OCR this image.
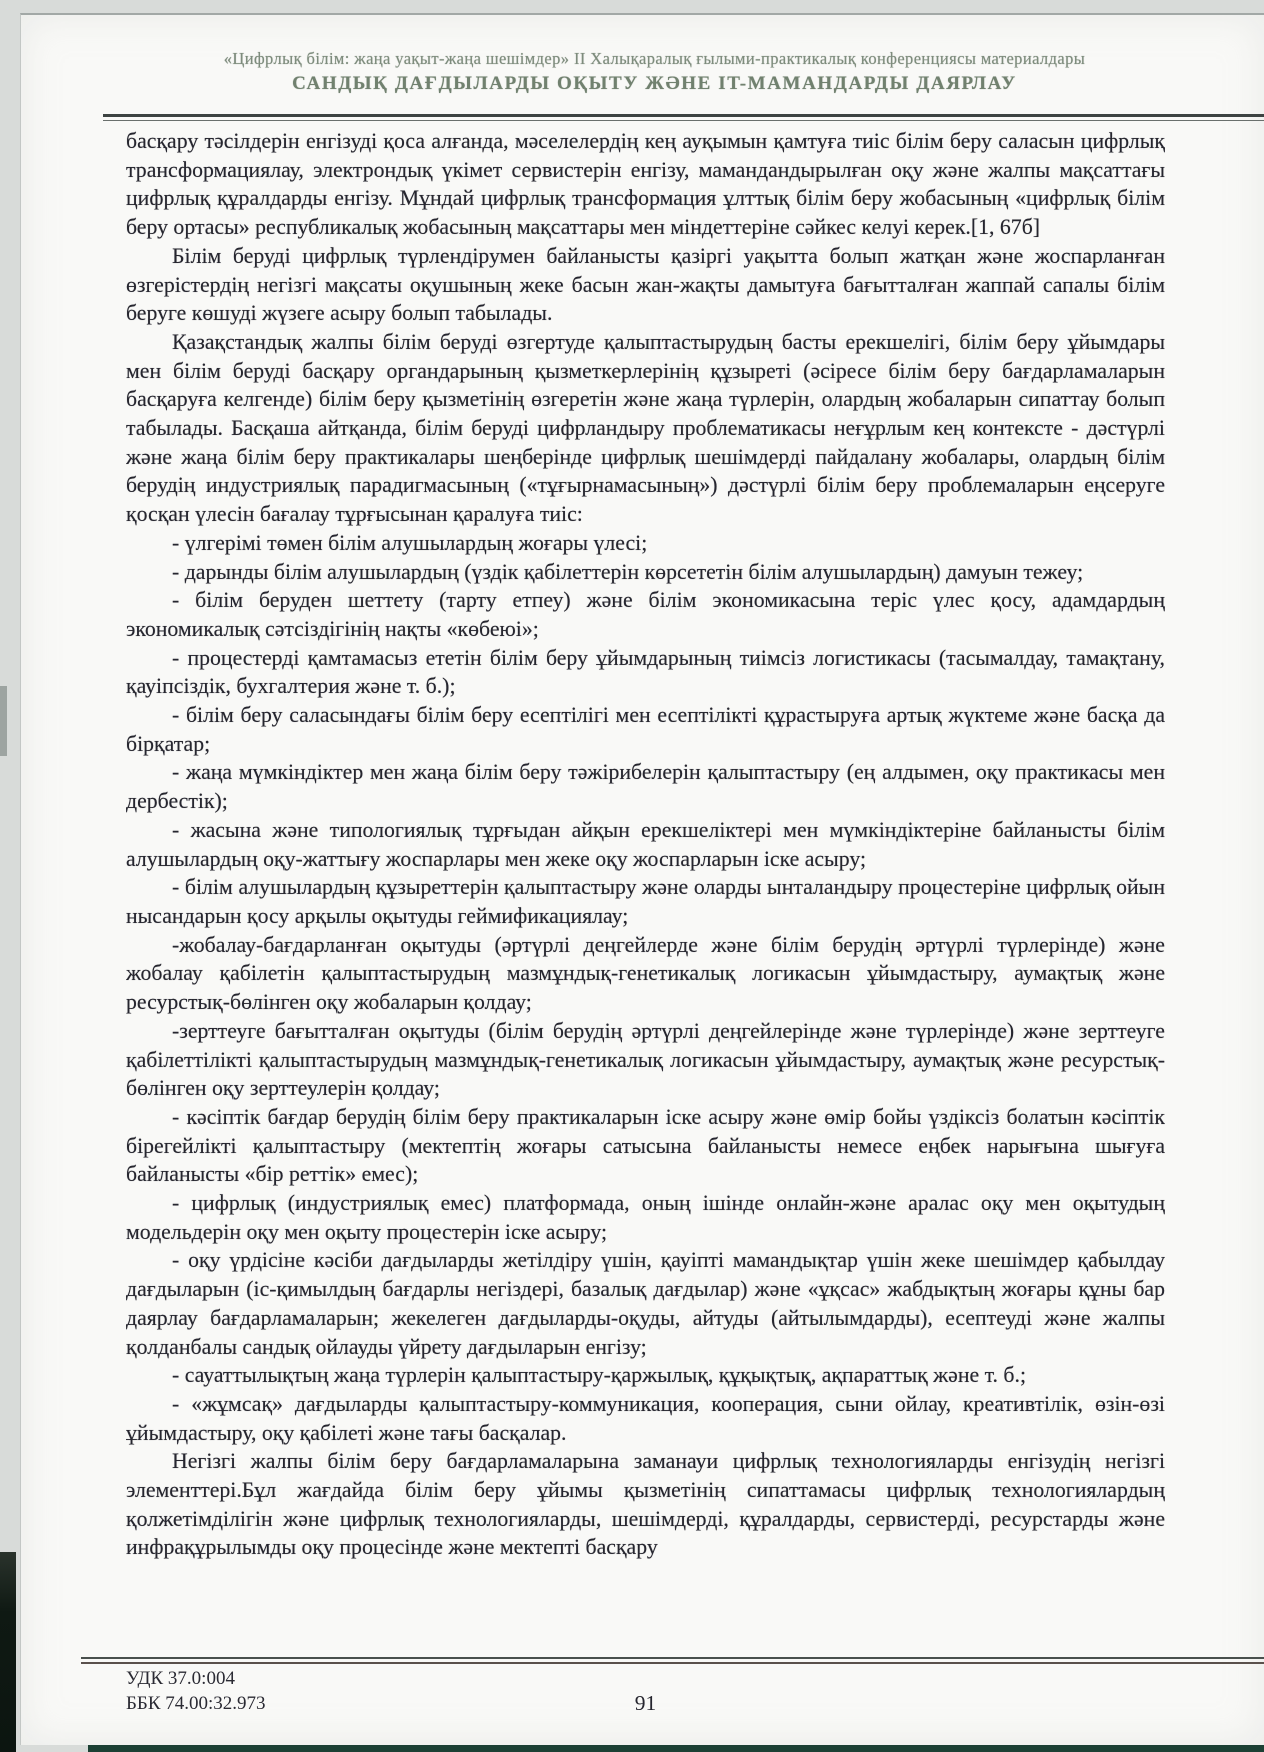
«Цифрлық білім: жаңа уақыт-жаңа шешімдер» II Халықаралық ғылыми-практикалық конференциясы материалдары
САНДЫҚ ДАҒДЫЛАРДЫ ОҚЫТУ ЖӘНЕ IT-МАМАНДАРДЫ ДАЯРЛАУ

басқару тәсілдерін енгізуді қоса алғанда, мәселелердің кең ауқымын қамтуға тиіс білім беру саласын цифрлық трансформациялау, электрондық үкімет сервистерін енгізу, мамандандырылған оқу және жалпы мақсаттағы цифрлық құралдарды енгізу. Мұндай цифрлық трансформация ұлттық білім беру жобасының «цифрлық білім беру ортасы» республикалық жобасының мақсаттары мен міндеттеріне сәйкес келуі керек.[1, 67б]

Білім беруді цифрлық түрлендірумен байланысты қазіргі уақытта болып жатқан және жоспарланған өзгерістердің негізгі мақсаты оқушының жеке басын жан-жақты дамытуға бағытталған жаппай сапалы білім беруге көшуді жүзеге асыру болып табылады.

Қазақстандық жалпы білім беруді өзгертуде қалыптастырудың басты ерекшелігі, білім беру ұйымдары мен білім беруді басқару органдарының қызметкерлерінің құзыреті (әсіресе білім беру бағдарламаларын басқаруға келгенде) білім беру қызметінің өзгеретін және жаңа түрлерін, олардың жобаларын сипаттау болып табылады. Басқаша айтқанда, білім беруді цифрландыру проблематикасы неғұрлым кең контексте - дәстүрлі және жаңа білім беру практикалары шеңберінде цифрлық шешімдерді пайдалану жобалары, олардың білім берудің индустриялық парадигмасының («тұғырнамасының») дәстүрлі білім беру проблемаларын еңсеруге қосқан үлесін бағалау тұрғысынан қаралуға тиіс:

- үлгерімі төмен білім алушылардың жоғары үлесі;

- дарынды білім алушылардың (үздік қабілеттерін көрсететін білім алушылардың) дамуын тежеу;

- білім беруден шеттету (тарту етпеу) және білім экономикасына теріс үлес қосу, адамдардың экономикалық сәтсіздігінің нақты «көбеюі»;

- процестерді қамтамасыз ететін білім беру ұйымдарының тиімсіз логистикасы (тасымалдау, тамақтану, қауіпсіздік, бухгалтерия және т. б.);

- білім беру саласындағы білім беру есептілігі мен есептілікті құрастыруға артық жүктеме және басқа да бірқатар;

- жаңа мүмкіндіктер мен жаңа білім беру тәжірибелерін қалыптастыру (ең алдымен, оқу практикасы мен дербестік);

- жасына және типологиялық тұрғыдан айқын ерекшеліктері мен мүмкіндіктеріне байланысты білім алушылардың оқу-жаттығу жоспарлары мен жеке оқу жоспарларын іске асыру;

- білім алушылардың құзыреттерін қалыптастыру және оларды ынталандыру процестеріне цифрлық ойын нысандарын қосу арқылы оқытуды геймификациялау;

-жобалау-бағдарланған оқытуды (әртүрлі деңгейлерде және білім берудің әртүрлі түрлерінде) және жобалау қабілетін қалыптастырудың мазмұндық-генетикалық логикасын ұйымдастыру, аумақтық және ресурстық-бөлінген оқу жобаларын қолдау;

-зерттеуге бағытталған оқытуды (білім берудің әртүрлі деңгейлерінде және түрлерінде) және зерттеуге қабілеттілікті қалыптастырудың мазмұндық-генетикалық логикасын ұйымдастыру, аумақтық және ресурстық-бөлінген оқу зерттеулерін қолдау;

- кәсіптік бағдар берудің білім беру практикаларын іске асыру және өмір бойы үздіксіз болатын кәсіптік бірегейлікті қалыптастыру (мектептің жоғары сатысына байланысты немесе еңбек нарығына шығуға байланысты «бір реттік» емес);

- цифрлық (индустриялық емес) платформада, оның ішінде онлайн-және аралас оқу мен оқытудың модельдерін оқу мен оқыту процестерін іске асыру;

- оқу үрдісіне кәсіби дағдыларды жетілдіру үшін, қауіпті мамандықтар үшін жеке шешімдер қабылдау дағдыларын (іс-қимылдың бағдарлы негіздері, базалық дағдылар) және «ұқсас» жабдықтың жоғары құны бар даярлау бағдарламаларын; жекелеген дағдыларды-оқуды, айтуды (айтылымдарды), есептеуді және жалпы қолданбалы сандық ойлауды үйрету дағдыларын енгізу;

- сауаттылықтың жаңа түрлерін қалыптастыру-қаржылық, құқықтық, ақпараттық және т. б.;

- «жұмсақ» дағдыларды қалыптастыру-коммуникация, кооперация, сыни ойлау, креативтілік, өзін-өзі ұйымдастыру, оқу қабілеті және тағы басқалар.

Негізгі жалпы білім беру бағдарламаларына заманауи цифрлық технологияларды енгізудің негізгі элементтері.Бұл жағдайда білім беру ұйымы қызметінің сипаттамасы цифрлық технологиялардың қолжетімділігін және цифрлық технологияларды, шешімдерді, құралдарды, сервистерді, ресурстарды және инфрақұрылымды оқу процесінде және мектепті басқару

УДК 37.0:004
ББК 74.00:32.973	91
